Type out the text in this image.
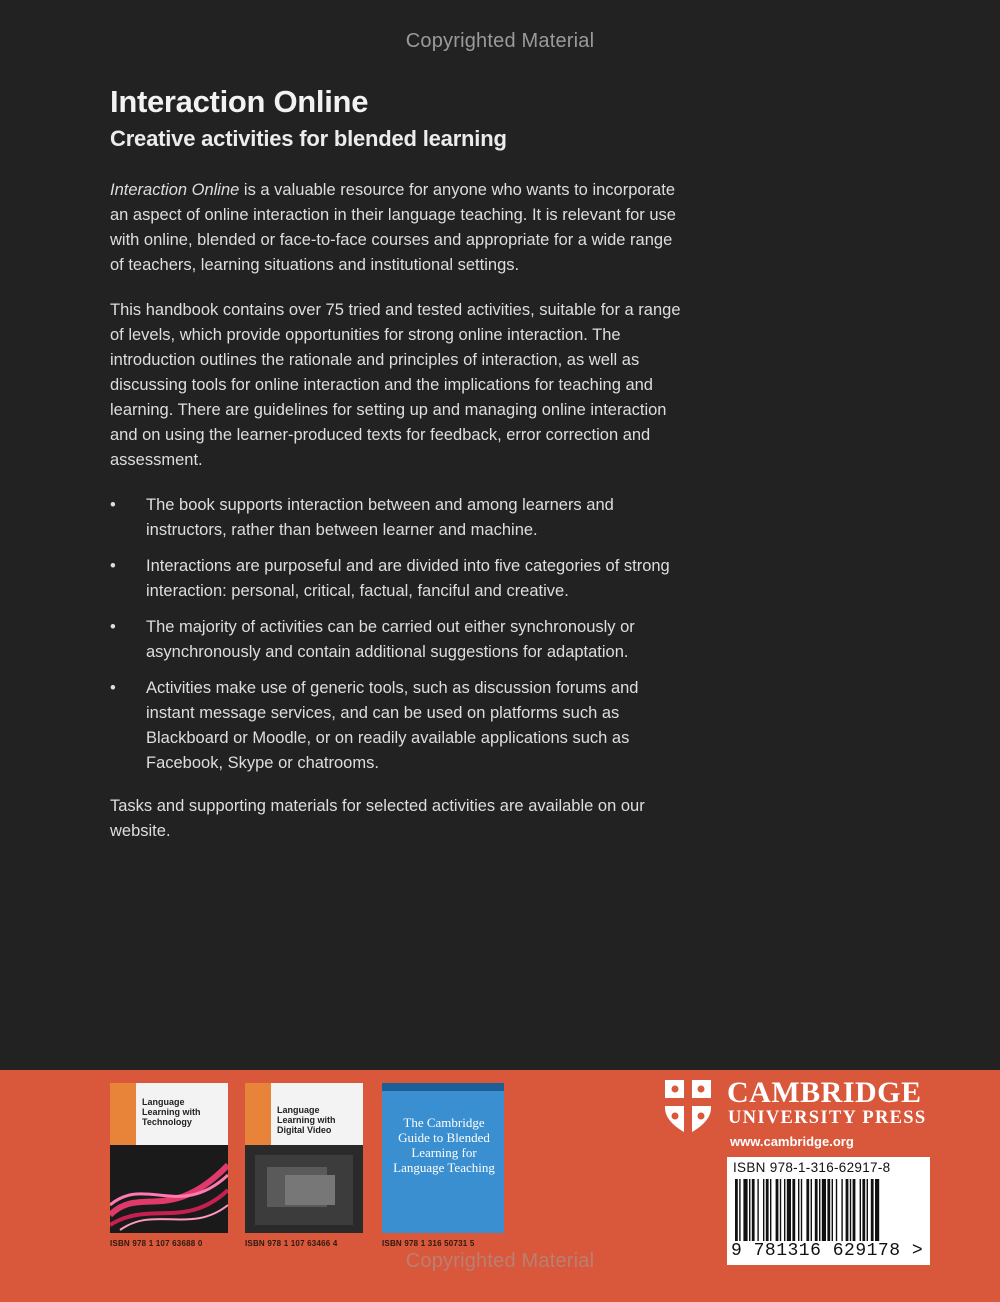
Copyrighted Material
Interaction Online
Creative activities for blended learning

Interaction Online is a valuable resource for anyone who wants to incorporate an aspect of online interaction in their language teaching. It is relevant for use with online, blended or face-to-face courses and appropriate for a wide range of teachers, learning situations and institutional settings.

This handbook contains over 75 tried and tested activities, suitable for a range of levels, which provide opportunities for strong online interaction. The introduction outlines the rationale and principles of interaction, as well as discussing tools for online interaction and the implications for teaching and learning. There are guidelines for setting up and managing online interaction and on using the learner-produced texts for feedback, error correction and assessment.

• The book supports interaction between and among learners and instructors, rather than between learner and machine.
• Interactions are purposeful and are divided into five categories of strong interaction: personal, critical, factual, fanciful and creative.
• The majority of activities can be carried out either synchronously or asynchronously and contain additional suggestions for adaptation.
• Activities make use of generic tools, such as discussion forums and instant message services, and can be used on platforms such as Blackboard or Moodle, or on readily available applications such as Facebook, Skype or chatrooms.

Tasks and supporting materials for selected activities are available on our website.

Language Learning with Technology
ISBN 978 1 107 63688 0
Language Learning with Digital Video
ISBN 978 1 107 63466 4
The Cambridge Guide to Blended Learning for Language Teaching
ISBN 978 1 316 50731 5
CAMBRIDGE
UNIVERSITY PRESS
www.cambridge.org
ISBN 978-1-316-62917-8
9 781316 629178 >
Copyrighted Material
